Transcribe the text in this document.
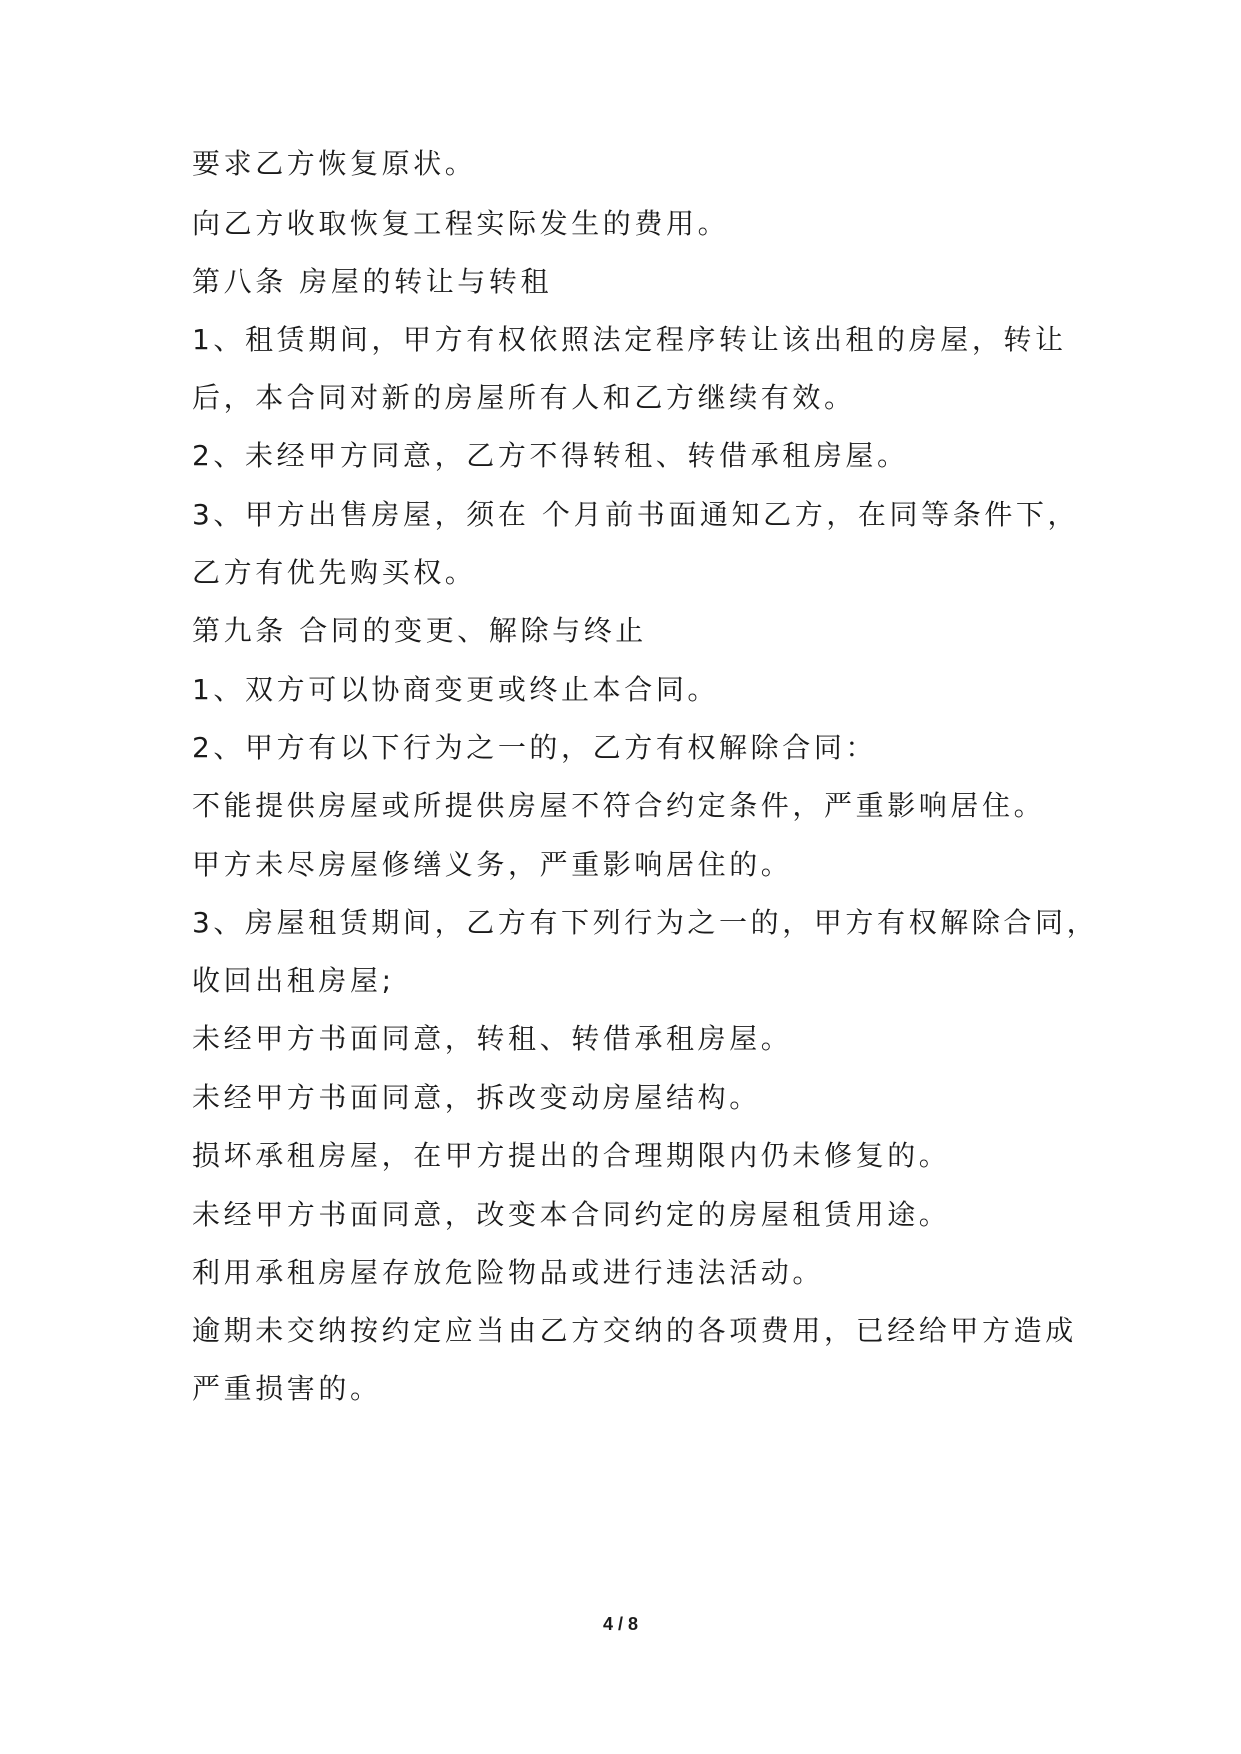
要求乙方恢复原状。
向乙方收取恢复工程实际发生的费用。
第八条 房屋的转让与转租
1、租赁期间，甲方有权依照法定程序转让该出租的房屋，转让
后，本合同对新的房屋所有人和乙方继续有效。
2、未经甲方同意，乙方不得转租、转借承租房屋。
3、甲方出售房屋，须在 个月前书面通知乙方，在同等条件下，
乙方有优先购买权。
第九条 合同的变更、解除与终止
1、双方可以协商变更或终止本合同。
2、甲方有以下行为之一的，乙方有权解除合同：
不能提供房屋或所提供房屋不符合约定条件，严重影响居住。
甲方未尽房屋修缮义务，严重影响居住的。
3、房屋租赁期间，乙方有下列行为之一的，甲方有权解除合同，
收回出租房屋;
未经甲方书面同意，转租、转借承租房屋。
未经甲方书面同意，拆改变动房屋结构。
损坏承租房屋，在甲方提出的合理期限内仍未修复的。
未经甲方书面同意，改变本合同约定的房屋租赁用途。
利用承租房屋存放危险物品或进行违法活动。
逾期未交纳按约定应当由乙方交纳的各项费用，已经给甲方造成
严重损害的。
4 / 8
